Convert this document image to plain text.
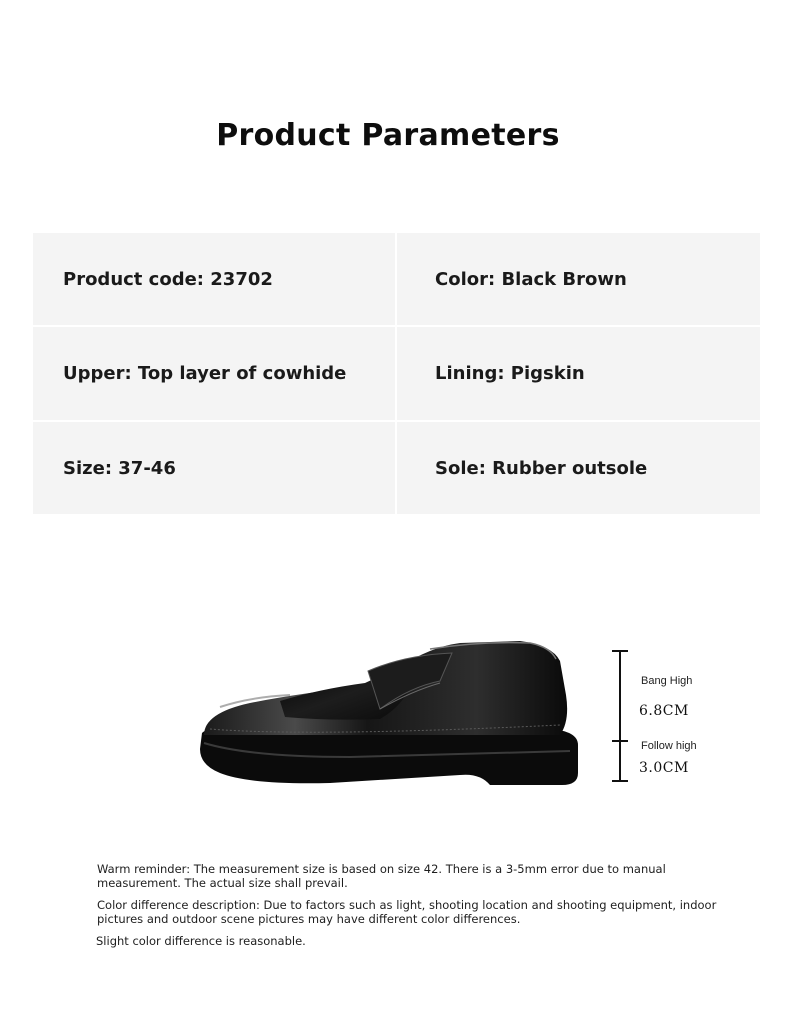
Product Parameters
Product code: 23702	Color: Black Brown
Upper: Top layer of cowhide	Lining: Pigskin
Size: 37-46	Sole: Rubber outsole
Bang High
6.8CM
Follow high
3.0CM

Warm reminder: The measurement size is based on size 42. There is a 3-5mm error due to manual measurement. The actual size shall prevail.

Color difference description: Due to factors such as light, shooting location and shooting equipment, indoor pictures and outdoor scene pictures may have different color differences.

Slight color difference is reasonable.
